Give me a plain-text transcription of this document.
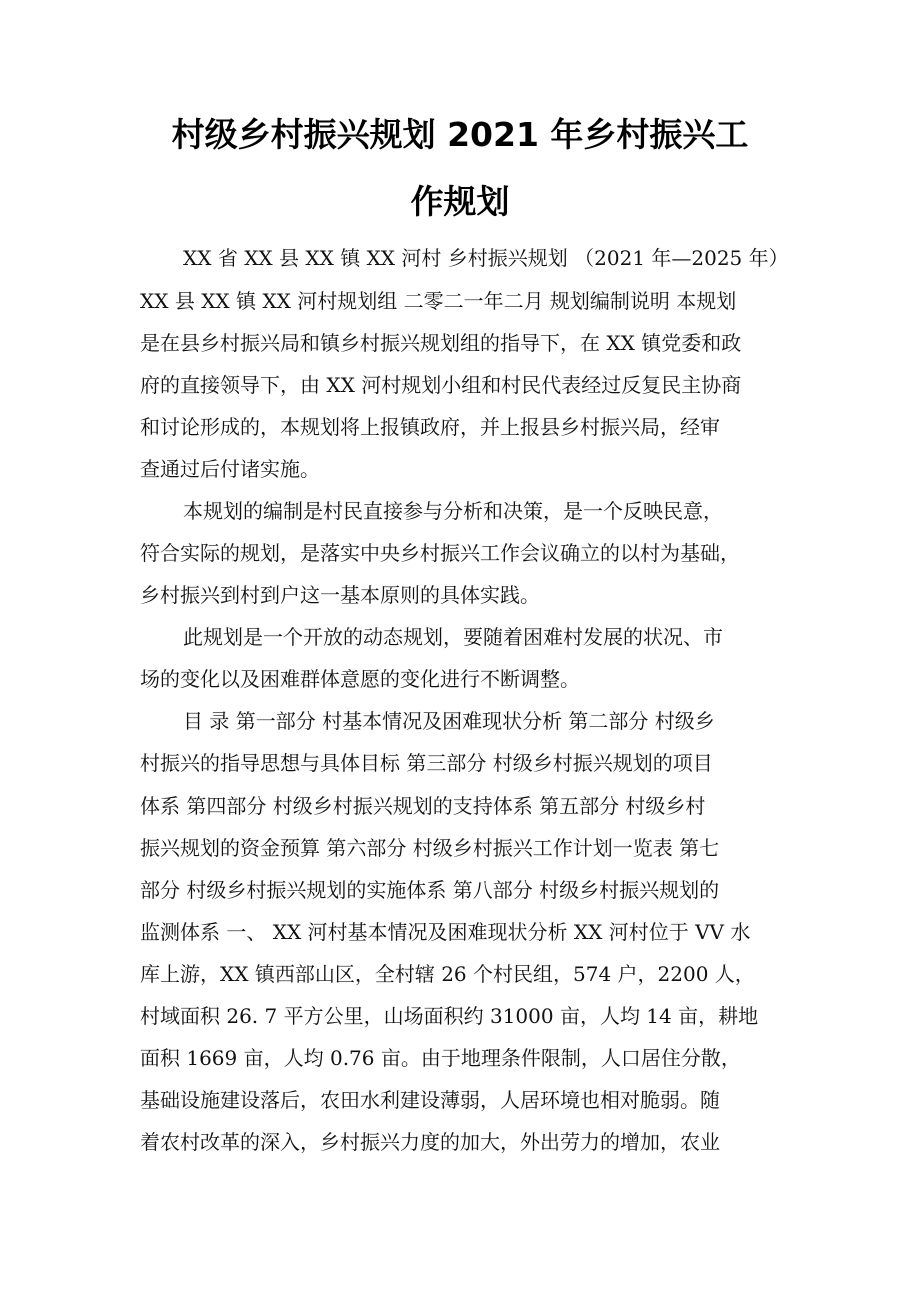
村级乡村振兴规划 2021 年乡村振兴工
作规划
XX 省 XX 县 XX 镇 XX 河村 乡村振兴规划 （2021 年—2025 年）
XX 县 XX 镇 XX 河村规划组 二零二一年二月 规划编制说明 本规划
是在县乡村振兴局和镇乡村振兴规划组的指导下，在 XX 镇党委和政
府的直接领导下，由 XX 河村规划小组和村民代表经过反复民主协商
和讨论形成的，本规划将上报镇政府，并上报县乡村振兴局，经审
查通过后付诸实施。
本规划的编制是村民直接参与分析和决策，是一个反映民意，
符合实际的规划，是落实中央乡村振兴工作会议确立的以村为基础，
乡村振兴到村到户这一基本原则的具体实践。
此规划是一个开放的动态规划，要随着困难村发展的状况、市
场的变化以及困难群体意愿的变化进行不断调整。
目 录 第一部分 村基本情况及困难现状分析 第二部分 村级乡
村振兴的指导思想与具体目标 第三部分 村级乡村振兴规划的项目
体系 第四部分 村级乡村振兴规划的支持体系 第五部分 村级乡村
振兴规划的资金预算 第六部分 村级乡村振兴工作计划一览表 第七
部分 村级乡村振兴规划的实施体系 第八部分 村级乡村振兴规划的
监测体系 一、 XX 河村基本情况及困难现状分析 XX 河村位于 VV 水
库上游，XX 镇西部山区，全村辖 26 个村民组，574 户，2200 人，
村域面积 26. 7 平方公里，山场面积约 31000 亩，人均 14 亩，耕地
面积 1669 亩，人均 0.76 亩。由于地理条件限制，人口居住分散，
基础设施建设落后，农田水利建设薄弱，人居环境也相对脆弱。随
着农村改革的深入，乡村振兴力度的加大，外出劳力的增加，农业
